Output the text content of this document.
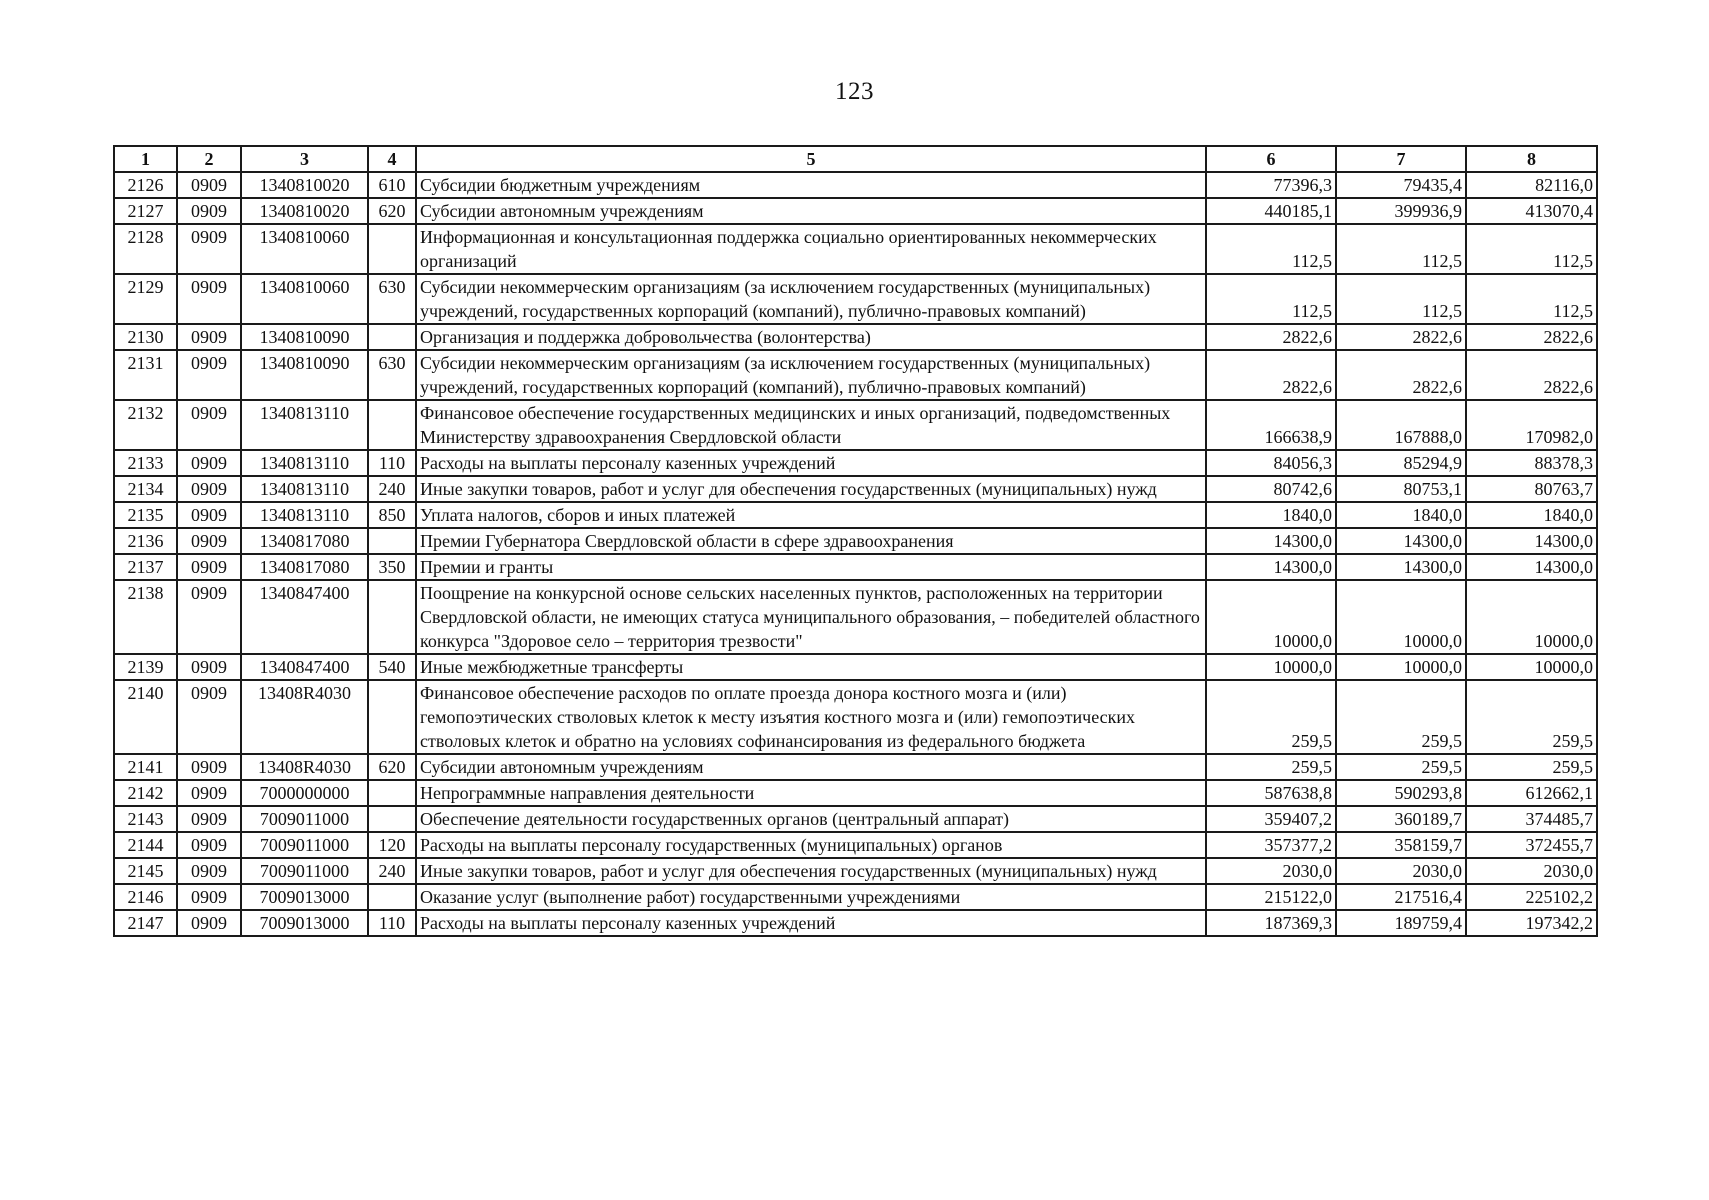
123
1	2	3	4	5	6	7	8
2126	0909	1340810020	610	Субсидии бюджетным учреждениям	77396,3	79435,4	82116,0
2127	0909	1340810020	620	Субсидии автономным учреждениям	440185,1	399936,9	413070,4
2128	0909	1340810060		Информационная и консультационная поддержка социально ориентированных некоммерческих организаций	112,5	112,5	112,5
2129	0909	1340810060	630	Субсидии некоммерческим организациям (за исключением государственных (муниципальных) учреждений, государственных корпораций (компаний), публично-правовых компаний)	112,5	112,5	112,5
2130	0909	1340810090		Организация и поддержка добровольчества (волонтерства)	2822,6	2822,6	2822,6
2131	0909	1340810090	630	Субсидии некоммерческим организациям (за исключением государственных (муниципальных) учреждений, государственных корпораций (компаний), публично-правовых компаний)	2822,6	2822,6	2822,6
2132	0909	1340813110		Финансовое обеспечение государственных медицинских и иных организаций, подведомственных Министерству здравоохранения Свердловской области	166638,9	167888,0	170982,0
2133	0909	1340813110	110	Расходы на выплаты персоналу казенных учреждений	84056,3	85294,9	88378,3
2134	0909	1340813110	240	Иные закупки товаров, работ и услуг для обеспечения государственных (муниципальных) нужд	80742,6	80753,1	80763,7
2135	0909	1340813110	850	Уплата налогов, сборов и иных платежей	1840,0	1840,0	1840,0
2136	0909	1340817080		Премии Губернатора Свердловской области в сфере здравоохранения	14300,0	14300,0	14300,0
2137	0909	1340817080	350	Премии и гранты	14300,0	14300,0	14300,0
2138	0909	1340847400		Поощрение на конкурсной основе сельских населенных пунктов, расположенных на территории Свердловской области, не имеющих статуса муниципального образования, – победителей областного конкурса "Здоровое село – территория трезвости"	10000,0	10000,0	10000,0
2139	0909	1340847400	540	Иные межбюджетные трансферты	10000,0	10000,0	10000,0
2140	0909	13408R4030		Финансовое обеспечение расходов по оплате проезда донора костного мозга и (или) гемопоэтических стволовых клеток к месту изъятия костного мозга и (или) гемопоэтических стволовых клеток и обратно на условиях софинансирования из федерального бюджета	259,5	259,5	259,5
2141	0909	13408R4030	620	Субсидии автономным учреждениям	259,5	259,5	259,5
2142	0909	7000000000		Непрограммные направления деятельности	587638,8	590293,8	612662,1
2143	0909	7009011000		Обеспечение деятельности государственных органов (центральный аппарат)	359407,2	360189,7	374485,7
2144	0909	7009011000	120	Расходы на выплаты персоналу государственных (муниципальных) органов	357377,2	358159,7	372455,7
2145	0909	7009011000	240	Иные закупки товаров, работ и услуг для обеспечения государственных (муниципальных) нужд	2030,0	2030,0	2030,0
2146	0909	7009013000		Оказание услуг (выполнение работ) государственными учреждениями	215122,0	217516,4	225102,2
2147	0909	7009013000	110	Расходы на выплаты персоналу казенных учреждений	187369,3	189759,4	197342,2
